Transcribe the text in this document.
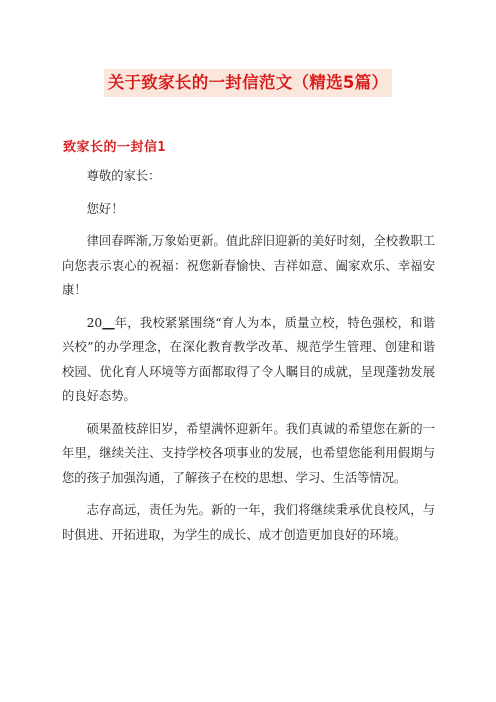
关于致家长的一封信范文（精选5篇）
致家长的一封信1

尊敬的家长：

您好！

律回春晖渐,万象始更新。值此辞旧迎新的美好时刻，全校教职工向您表示衷心的祝福：祝您新春愉快、吉祥如意、阖家欢乐、幸福安康！

20__年，我校紧紧围绕“育人为本，质量立校，特色强校，和谐兴校”的办学理念，在深化教育教学改革、规范学生管理、创建和谐校园、优化育人环境等方面都取得了令人瞩目的成就，呈现蓬勃发展的良好态势。

硕果盈枝辞旧岁，希望满怀迎新年。我们真诚的希望您在新的一年里，继续关注、支持学校各项事业的发展，也希望您能利用假期与您的孩子加强沟通，了解孩子在校的思想、学习、生活等情况。

志存高远，责任为先。新的一年，我们将继续秉承优良校风，与时俱进、开拓进取，为学生的成长、成才创造更加良好的环境。
